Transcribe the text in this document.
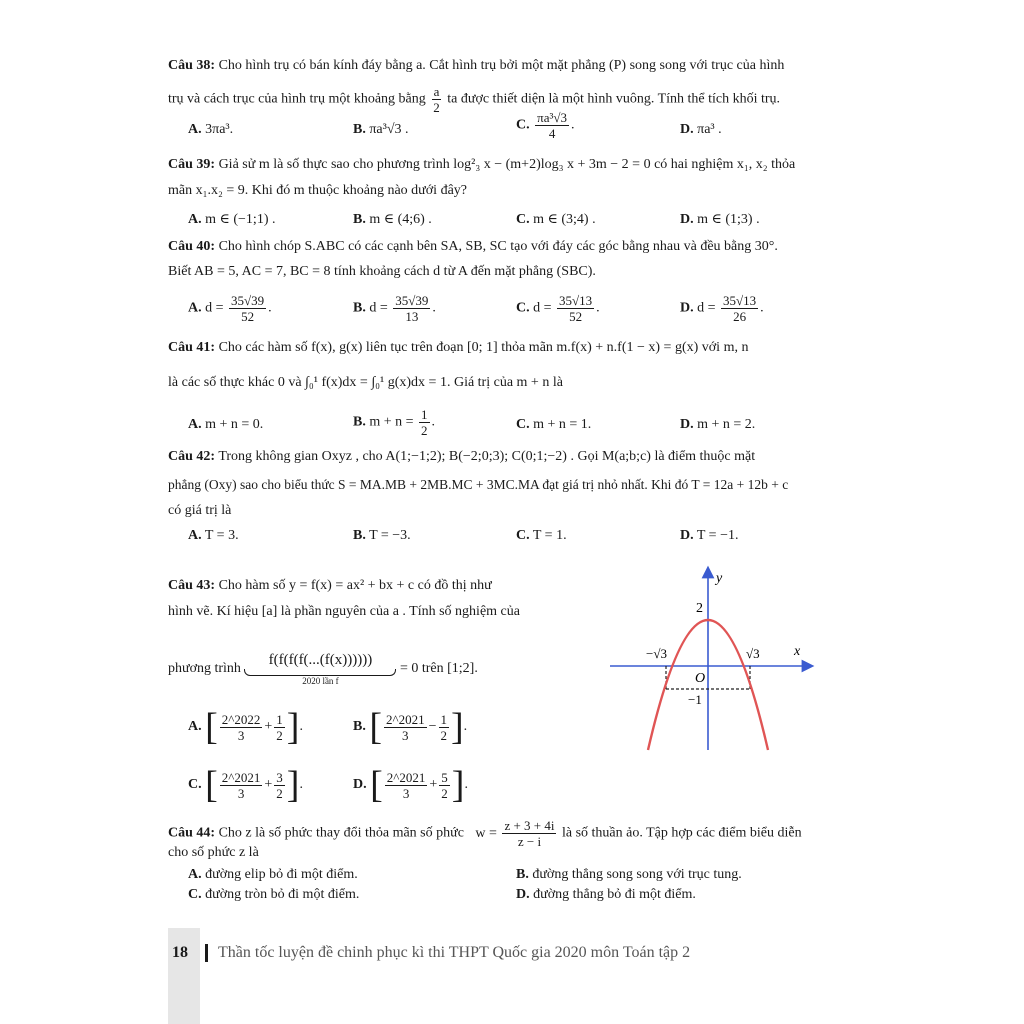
Câu 38: Cho hình trụ có bán kính đáy bằng a. Cắt hình trụ bởi một mặt phẳng (P) song song với trục của hình
trụ và cách trục của hình trụ một khoảng bằng $\frac{a}{2}$ ta được thiết diện là một hình vuông. Tính thể tích khối trụ.
A. 3πa³.	B. πa³√3 .	C. $\frac{\text{πa³√3}}{4}$ .	D. πa³ .
Câu 39: Giả sử m là số thực sao cho phương trình log²₃ x − (m+2)log₃ x + 3m − 2 = 0 có hai nghiệm x₁, x₂ thỏa
mãn x₁.x₂ = 9. Khi đó m thuộc khoảng nào dưới đây?
A. m ∈ (−1;1) .	B. m ∈ (4;6) .	C. m ∈ (3;4) .	D. m ∈ (1;3) .
Câu 40: Cho hình chóp S.ABC có các cạnh bên SA, SB, SC tạo với đáy các góc bằng nhau và đều bằng 30°.
Biết AB = 5, AC = 7, BC = 8 tính khoảng cách d từ A đến mặt phẳng (SBC).
A. $d = \frac{35√39}{52}$ .	B. $d = \frac{35√39}{13}$ .	C. $d = \frac{35√13}{52}$ .	D. $d = \frac{35√13}{26}$ .
Câu 41: Cho các hàm số f(x), g(x) liên tục trên đoạn [0; 1] thỏa mãn m.f(x) + n.f(1 − x) = g(x) với m, n
là các số thực khác 0 và ∫₀¹ f(x)dx = ∫₀¹ g(x)dx = 1. Giá trị của m + n là
A. m + n = 0.	B. $m + n = \frac{1}{2}$ .	C. m + n = 1.	D. m + n = 2.
Câu 42: Trong không gian Oxyz , cho A(1;−1;2); B(−2;0;3); C(0;1;−2) . Gọi M(a;b;c) là điểm thuộc mặt
phẳng (Oxy) sao cho biểu thức S = MA.MB + 2MB.MC + 3MC.MA đạt giá trị nhỏ nhất. Khi đó T = 12a + 12b + c
có giá trị là
A. T = 3.	B. T = −3.	C. T = 1.	D. T = −1.
Câu 43: Cho hàm số y = f(x) = ax² + bx + c có đồ thị như
hình vẽ. Kí hiệu [a] là phần nguyên của a . Tính số nghiệm của
phương trình
f(f(f(f(...(f(x))))))
2020 lần f
= 0 trên [1;2].
A. [ $\frac{2\^{}2022}{3} + \frac{1}{2}$ ].	B. [ $\frac{2\^{}2021}{3} - \frac{1}{2}$ ].
C. [ $\frac{2\^{}2021}{3} + \frac{3}{2}$ ].	D. [ $\frac{2\^{}2021}{3} + \frac{5}{2}$ ].
y
x
2
O
−1
−√3	√3
Câu 44: Cho z là số phức thay đổi thỏa mãn số phức $w = \frac{z + 3 + 4i}{z - i}$ là số thuần ảo. Tập hợp các điểm biểu diễn
cho số phức z là
A. đường elip bỏ đi một điểm.	B. đường thẳng song song với trục tung.
C. đường tròn bỏ đi một điểm.	D. đường thẳng bỏ đi một điểm.
18 Thần tốc luyện đề chinh phục kì thi THPT Quốc gia 2020 môn Toán tập 2
